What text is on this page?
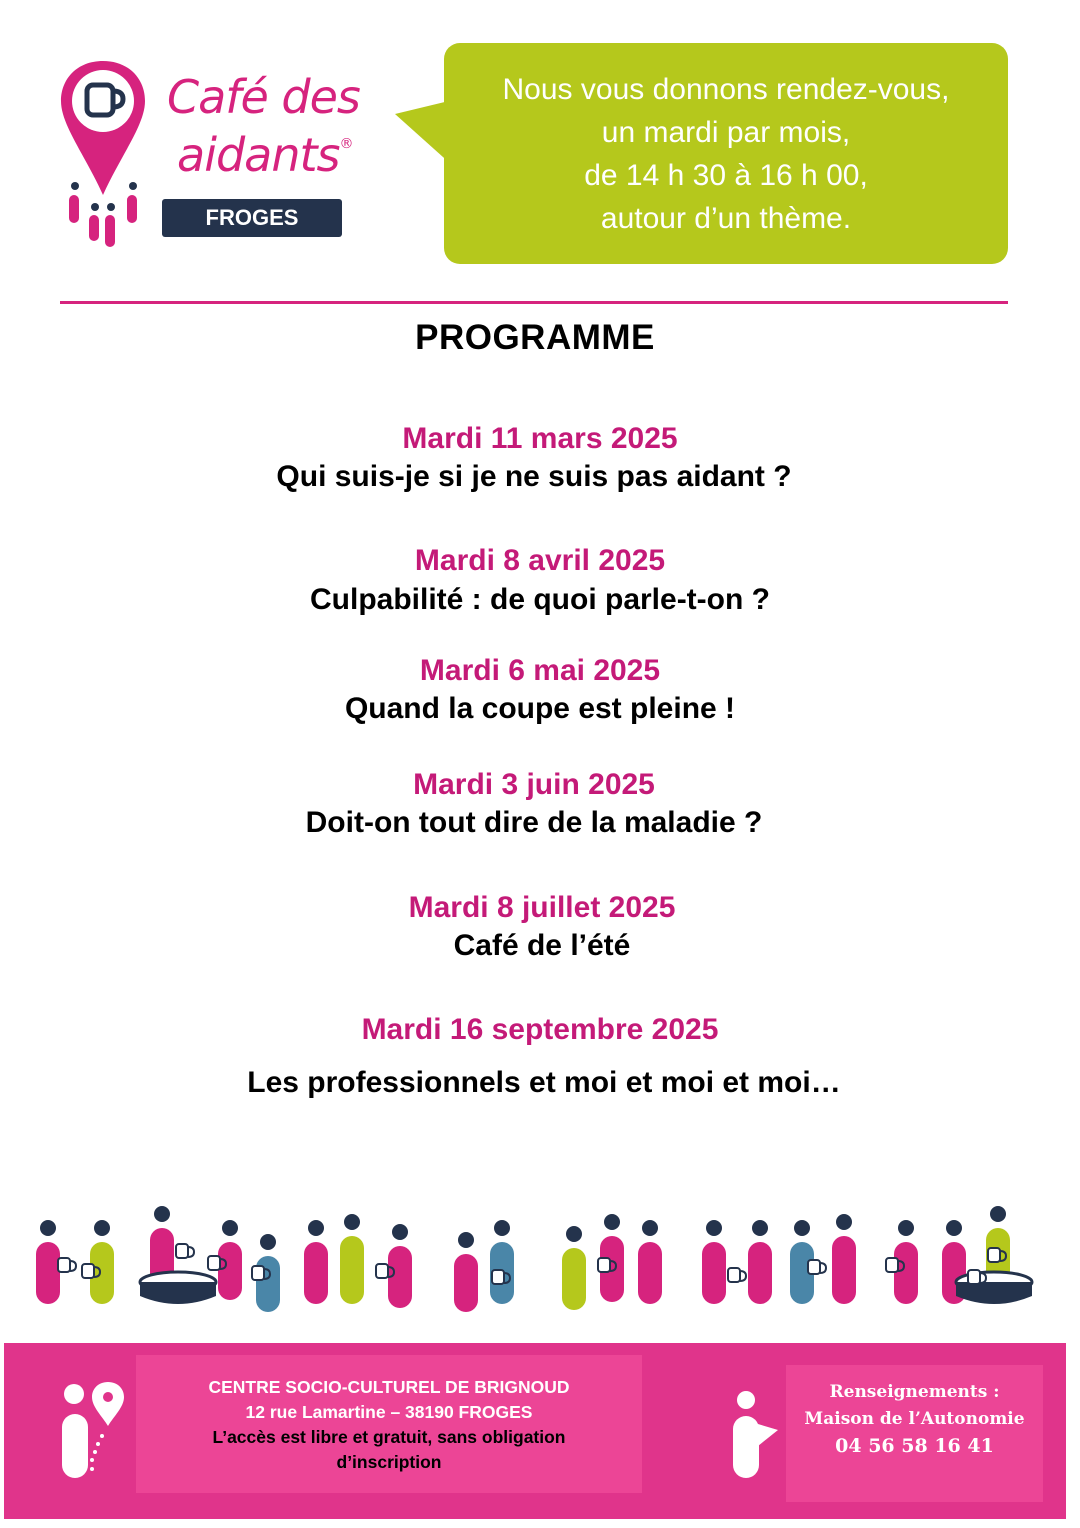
Café des
aidants®
FROGES
Nous vous donnons rendez-vous,
un mardi par mois,
de 14 h 30 à 16 h 00,
autour d’un thème.
PROGRAMME
Mardi 11 mars 2025
Qui suis-je si je ne suis pas aidant ?
Mardi 8 avril 2025
Culpabilité : de quoi parle-t-on ?
Mardi 6 mai 2025
Quand la coupe est pleine !
Mardi 3 juin 2025
Doit-on tout dire de la maladie ?
Mardi 8 juillet 2025
Café de l’été
Mardi 16 septembre 2025
Les professionnels et moi et moi et moi…
CENTRE SOCIO-CULTUREL DE BRIGNOUD
12 rue Lamartine – 38190 FROGES
L’accès est libre et gratuit, sans obligation
d’inscription
Renseignements :
Maison de l’Autonomie
04 56 58 16 41
